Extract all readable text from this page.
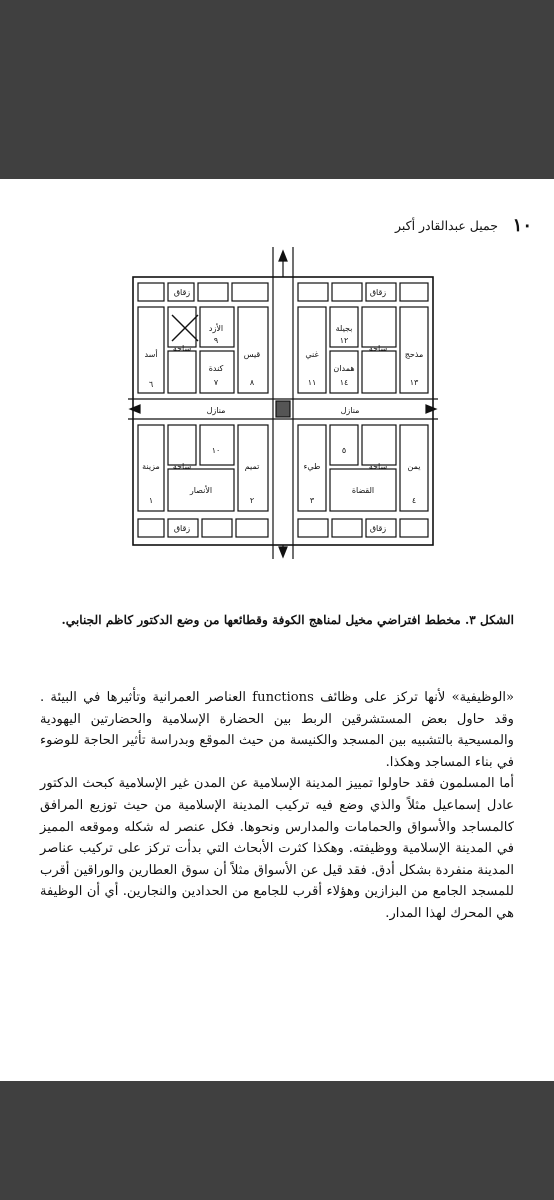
١٠
جميل عبدالقادر أكبر
ساحة	ساحة
ساحة	ساحة
الأزد
كندة
بجيلة
همدان
غني	مذحج
قيس
أسد
تميم
مزينة
الأنصار
طيء	يمن
القضاة
زقاق	زقاق
زقاق	زقاق
منازل	منازل
٦
٩
٧	٨	١١
١٢
١٤	١٣
١	٢	٣	٤
٥
١٠
الشكل ٣. مخطط افتراضي مخيل لمناهج الكوفة وقطائعها من وضع الدكتور كاظم الجنابي.

«الوظيفية» لأنها تركز على وظائف functions العناصر العمرانية وتأثيرها في البيئة . وقد حاول بعض المستشرقين الربط بين الحضارة الإسلامية والحضارتين اليهودية والمسيحية بالتشبيه بين المسجد والكنيسة من حيث الموقع وبدراسة تأثير الحاجة للوضوء في بناء المساجد وهكذا.

أما المسلمون فقد حاولوا تمييز المدينة الإسلامية عن المدن غير الإسلامية كبحث الدكتور عادل إسماعيل مثلاً والذي وضع فيه تركيب المدينة الإسلامية من حيث توزيع المرافق كالمساجد والأسواق والحمامات والمدارس ونحوها. فكل عنصر له شكله وموقعه المميز في المدينة الإسلامية ووظيفته. وهكذا كثرت الأبحاث التي بدأت تركز على تركيب عناصر المدينة منفردة بشكل أدق. فقد قيل عن الأسواق مثلاً أن سوق العطارين والوراقين أقرب للمسجد الجامع من البزازين وهؤلاء أقرب للجامع من الحدادين والنجارين. أي أن الوظيفة هي المحرك لهذا المدار.
